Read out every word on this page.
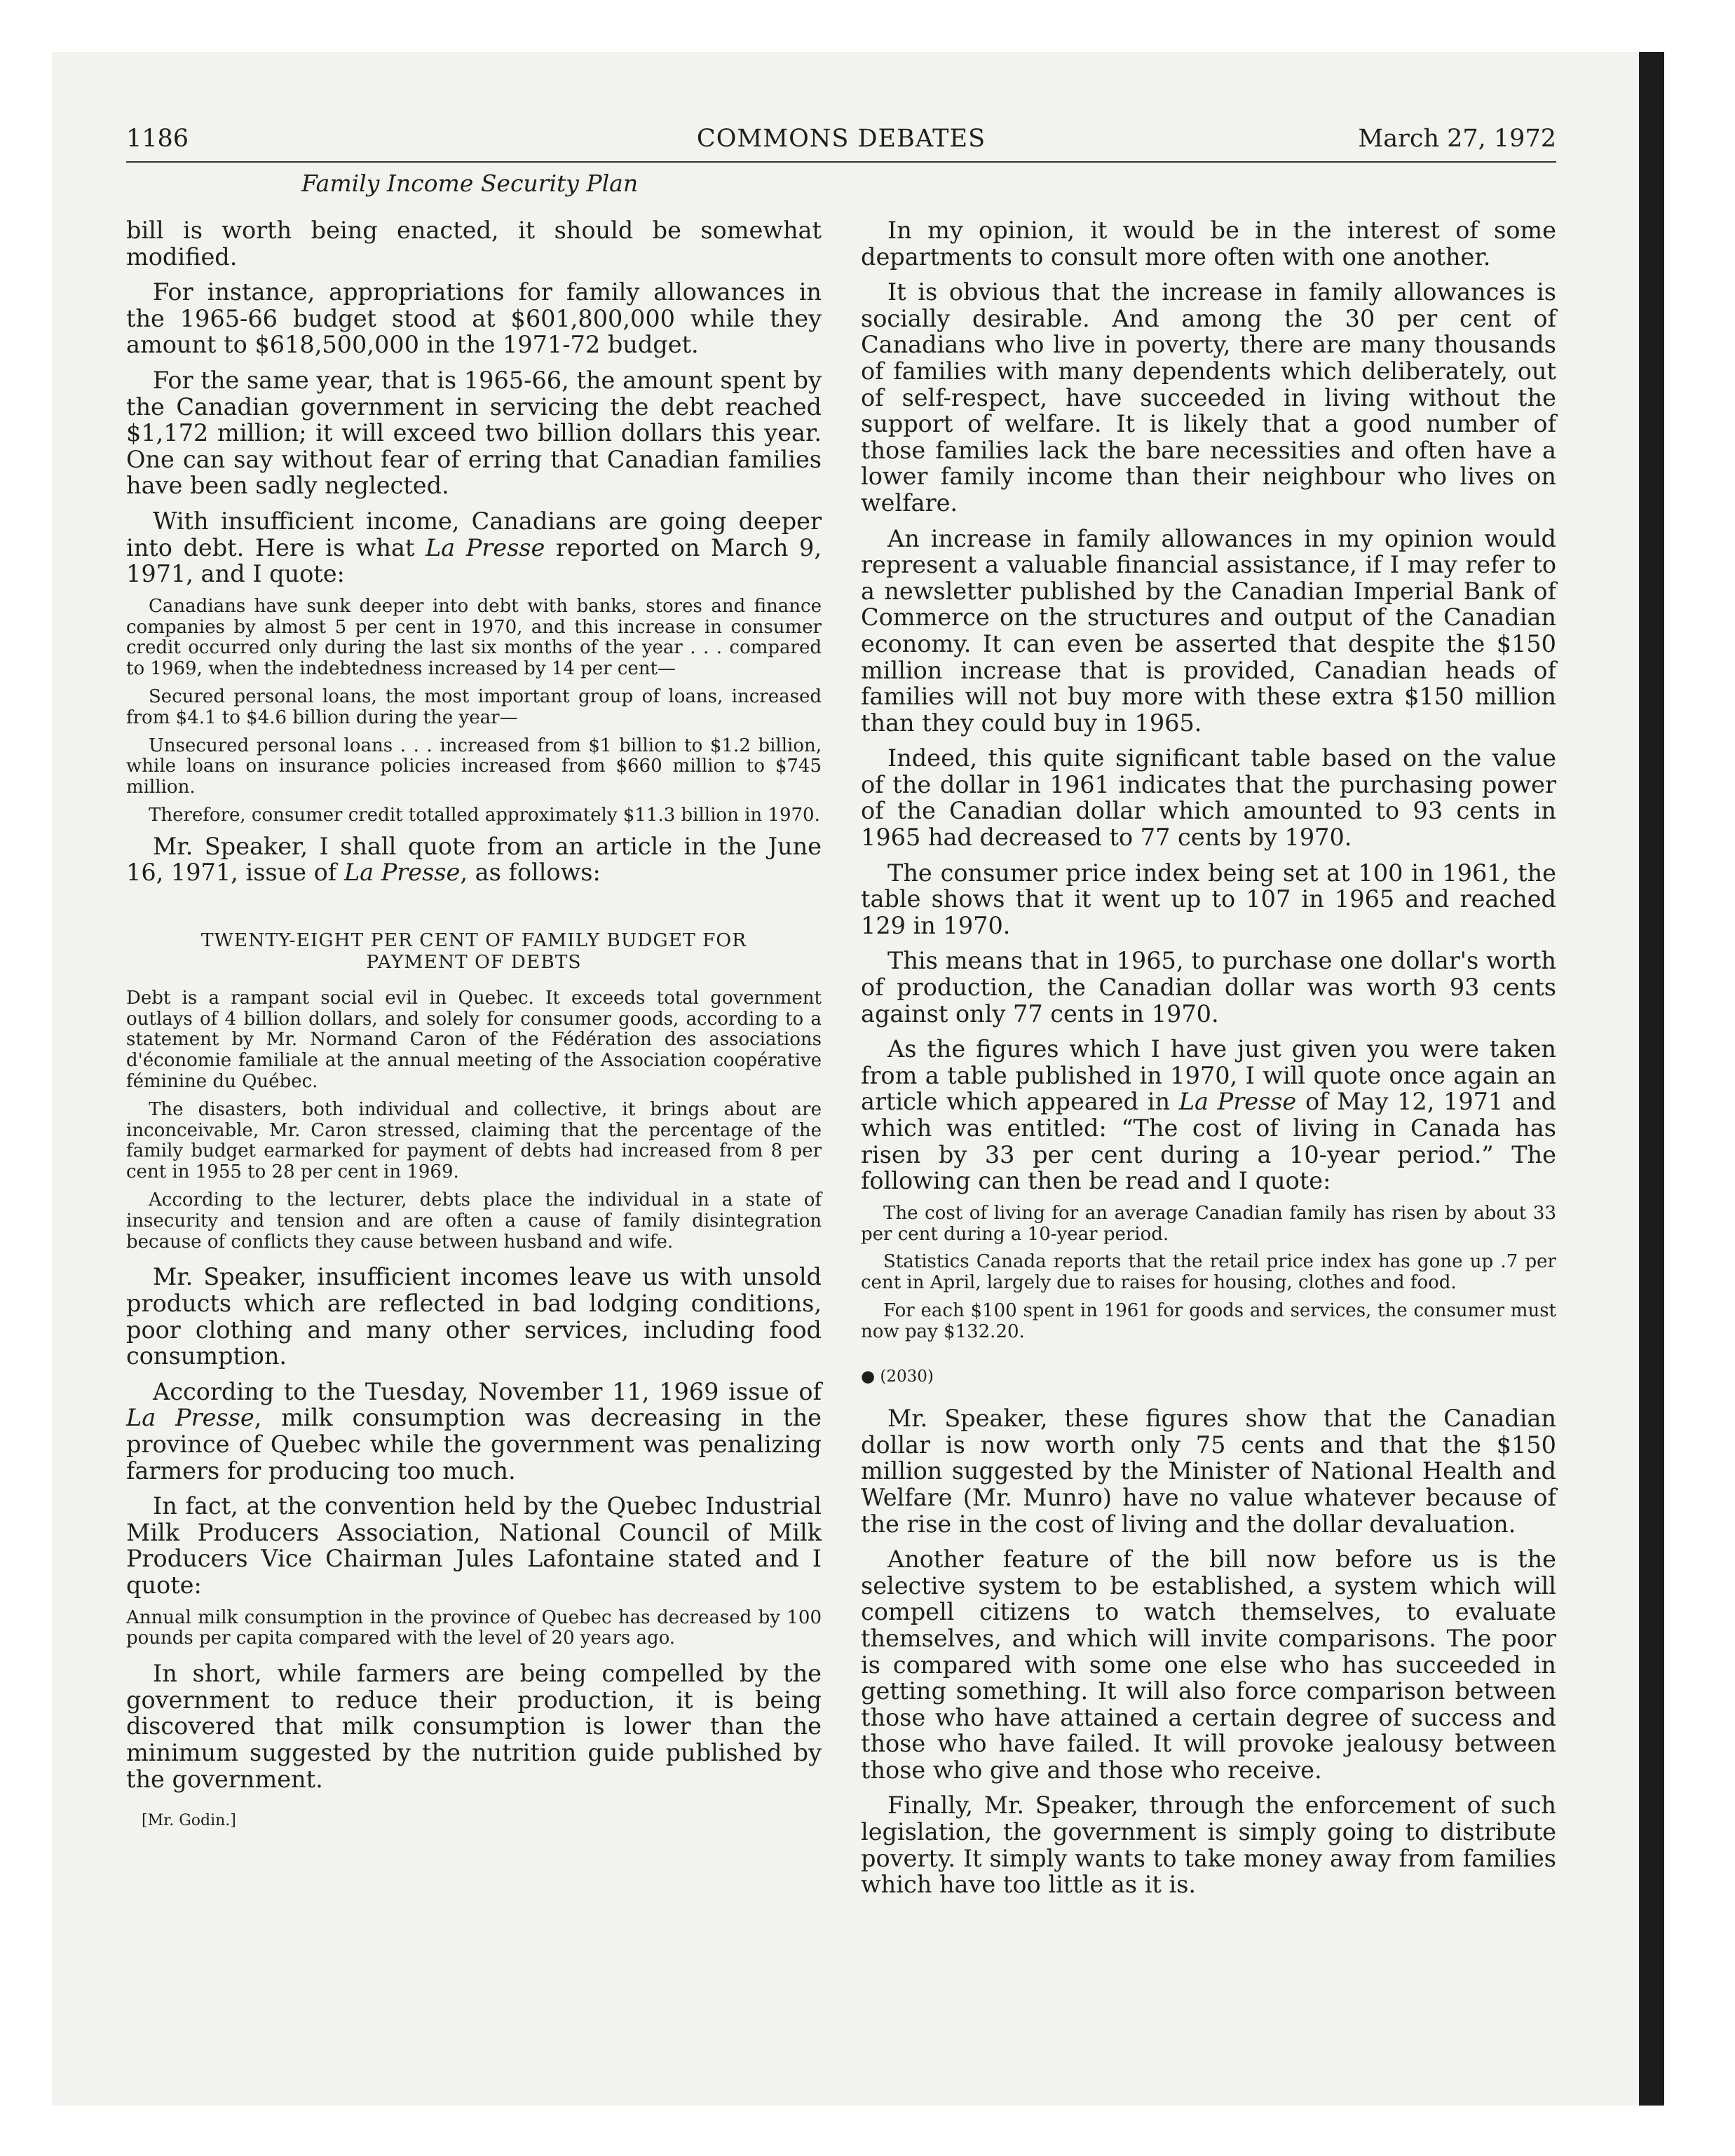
1186	COMMONS DEBATES	March 27, 1972
Family Income Security Plan

bill is worth being enacted, it should be somewhat modified.

For instance, appropriations for family allowances in the 1965-66 budget stood at $601,800,000 while they amount to $618,500,000 in the 1971-72 budget.

For the same year, that is 1965-66, the amount spent by the Canadian government in servicing the debt reached $1,172 million; it will exceed two billion dollars this year. One can say without fear of erring that Canadian families have been sadly neglected.

With insufficient income, Canadians are going deeper into debt. Here is what La Presse reported on March 9, 1971, and I quote:

Canadians have sunk deeper into debt with banks, stores and finance companies by almost 5 per cent in 1970, and this increase in consumer credit occurred only during the last six months of the year . . . compared to 1969, when the indebtedness increased by 14 per cent—

Secured personal loans, the most important group of loans, increased from $4.1 to $4.6 billion during the year—

Unsecured personal loans . . . increased from $1 billion to $1.2 billion, while loans on insurance policies increased from $660 million to $745 million.

Therefore, consumer credit totalled approximately $11.3 billion in 1970.

Mr. Speaker, I shall quote from an article in the June 16, 1971, issue of La Presse, as follows:

TWENTY-EIGHT PER CENT OF FAMILY BUDGET FOR PAYMENT OF DEBTS

Debt is a rampant social evil in Quebec. It exceeds total government outlays of 4 billion dollars, and solely for consumer goods, according to a statement by Mr. Normand Caron of the Fédération des associations d'économie familiale at the annual meeting of the Association coopérative féminine du Québec.

The disasters, both individual and collective, it brings about are inconceivable, Mr. Caron stressed, claiming that the percentage of the family budget earmarked for payment of debts had increased from 8 per cent in 1955 to 28 per cent in 1969.

According to the lecturer, debts place the individual in a state of insecurity and tension and are often a cause of family disintegration because of conflicts they cause between husband and wife.

Mr. Speaker, insufficient incomes leave us with unsold products which are reflected in bad lodging conditions, poor clothing and many other services, including food consumption.

According to the Tuesday, November 11, 1969 issue of La Presse, milk consumption was decreasing in the province of Quebec while the government was penalizing farmers for producing too much.

In fact, at the convention held by the Quebec Industrial Milk Producers Association, National Council of Milk Producers Vice Chairman Jules Lafontaine stated and I quote:

Annual milk consumption in the province of Quebec has decreased by 100 pounds per capita compared with the level of 20 years ago.

In short, while farmers are being compelled by the government to reduce their production, it is being discovered that milk consumption is lower than the minimum suggested by the nutrition guide published by the government.

[Mr. Godin.]

In my opinion, it would be in the interest of some departments to consult more often with one another.

It is obvious that the increase in family allowances is socially desirable. And among the 30 per cent of Canadians who live in poverty, there are many thousands of families with many dependents which deliberately, out of self-respect, have succeeded in living without the support of welfare. It is likely that a good number of those families lack the bare necessities and often have a lower family income than their neighbour who lives on welfare.

An increase in family allowances in my opinion would represent a valuable financial assistance, if I may refer to a newsletter published by the Canadian Imperial Bank of Commerce on the structures and output of the Canadian economy. It can even be asserted that despite the $150 million increase that is provided, Canadian heads of families will not buy more with these extra $150 million than they could buy in 1965.

Indeed, this quite significant table based on the value of the dollar in 1961 indicates that the purchasing power of the Canadian dollar which amounted to 93 cents in 1965 had decreased to 77 cents by 1970.

The consumer price index being set at 100 in 1961, the table shows that it went up to 107 in 1965 and reached 129 in 1970.

This means that in 1965, to purchase one dollar's worth of production, the Canadian dollar was worth 93 cents against only 77 cents in 1970.

As the figures which I have just given you were taken from a table published in 1970, I will quote once again an article which appeared in La Presse of May 12, 1971 and which was entitled: “The cost of living in Canada has risen by 33 per cent during a 10-year period.” The following can then be read and I quote:

The cost of living for an average Canadian family has risen by about 33 per cent during a 10-year period.

Statistics Canada reports that the retail price index has gone up .7 per cent in April, largely due to raises for housing, clothes and food.

For each $100 spent in 1961 for goods and services, the consumer must now pay $132.20.

● (2030)

Mr. Speaker, these figures show that the Canadian dollar is now worth only 75 cents and that the $150 million suggested by the Minister of National Health and Welfare (Mr. Munro) have no value whatever because of the rise in the cost of living and the dollar devaluation.

Another feature of the bill now before us is the selective system to be established, a system which will compell citizens to watch themselves, to evaluate themselves, and which will invite comparisons. The poor is compared with some one else who has succeeded in getting something. It will also force comparison between those who have attained a certain degree of success and those who have failed. It will provoke jealousy between those who give and those who receive.

Finally, Mr. Speaker, through the enforcement of such legislation, the government is simply going to distribute poverty. It simply wants to take money away from families which have too little as it is.
